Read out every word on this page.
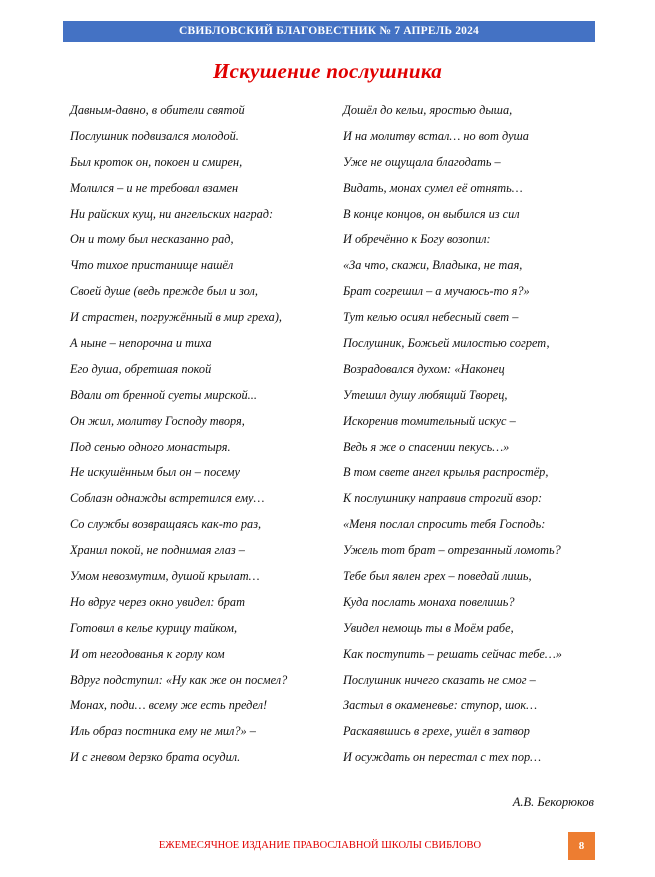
СВИБЛОВСКИЙ БЛАГОВЕСТНИК № 7 АПРЕЛЬ 2024
Искушение послушника
Давным-давно, в обители святой
Послушник подвизался молодой.
Был кроток он, покоен и смирен,
Молился – и не требовал взамен
Ни райских кущ, ни ангельских наград:
Он и тому был несказанно рад,
Что тихое пристанище нашёл
Своей душе (ведь прежде был и зол,
И страстен, погружённый в мир греха),
А ныне – непорочна и тиха
Его душа, обретшая покой
Вдали от бренной суеты мирской...
Он жил, молитву Господу творя,
Под сенью одного монастыря.
Не искушённым был он – посему
Соблазн однажды встретился ему…
Со службы возвращаясь как-то раз,
Хранил покой, не поднимая глаз –
Умом невозмутим, душой крылат…
Но вдруг через окно увидел: брат
Готовил в келье курицу тайком,
И от негодованья к горлу ком
Вдруг подступил: «Ну как же он посмел?
Монах, поди… всему же есть предел!
Иль образ постника ему не мил?» –
И с гневом дерзко брата осудил.
Дошёл до кельи, яростью дыша,
И на молитву встал… но вот душа
Уже не ощущала благодать –
Видать, монах сумел её отнять…
В конце концов, он выбился из сил
И обречённо к Богу возопил:
«За что, скажи, Владыка, не тая,
Брат согрешил – а мучаюсь-то я?»
Тут келью осиял небесный свет –
Послушник, Божьей милостью согрет,
Возрадовался духом: «Наконец
Утешил душу любящий Творец,
Искоренив томительный искус –
Ведь я же о спасении пекусь…»
В том свете ангел крылья распростёр,
К послушнику направив строгий взор:
«Меня послал спросить тебя Господь:
Ужель тот брат – отрезанный ломоть?
Тебе был явлен грех – поведай лишь,
Куда послать монаха повелишь?
Увидел немощь ты в Моём рабе,
Как поступить – решать сейчас тебе…»
Послушник ничего сказать не смог –
Застыл в окаменевье: ступор, шок…
Раскаявшись в грехе, ушёл в затвор
И осуждать он перестал с тех пор…
А.В. Бекорюков
ЕЖЕМЕСЯЧНОЕ ИЗДАНИЕ ПРАВОСЛАВНОЙ ШКОЛЫ СВИБЛОВО	8
